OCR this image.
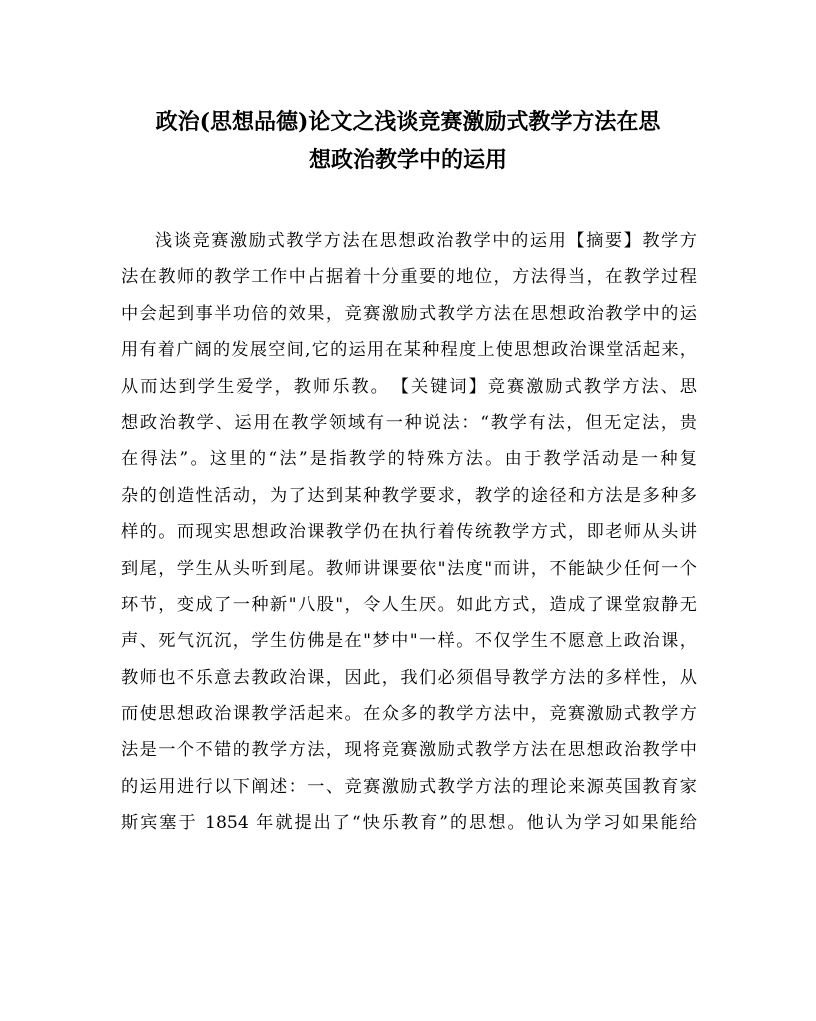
政治(思想品德)论文之浅谈竞赛激励式教学方法在思
想政治教学中的运用
浅谈竞赛激励式教学方法在思想政治教学中的运用【摘要】教学方
法在教师的教学工作中占据着十分重要的地位，方法得当，在教学过程
中会起到事半功倍的效果，竞赛激励式教学方法在思想政治教学中的运
用有着广阔的发展空间,它的运用在某种程度上使思想政治课堂活起来，
从而达到学生爱学，教师乐教。　【关键词】竞赛激励式教学方法、思
想政治教学、运用在教学领域有一种说法：“教学有法，但无定法，贵
在得法”。这里的“法”是指教学的特殊方法。由于教学活动是一种复
杂的创造性活动，为了达到某种教学要求，教学的途径和方法是多种多
样的。而现实思想政治课教学仍在执行着传统教学方式，即老师从头讲
到尾，学生从头听到尾。教师讲课要依"法度"而讲，不能缺少任何一个
环节，变成了一种新"八股"，令人生厌。如此方式，造成了课堂寂静无
声、死气沉沉，学生仿佛是在"梦中"一样。不仅学生不愿意上政治课，
教师也不乐意去教政治课，因此，我们必须倡导教学方法的多样性，从
而使思想政治课教学活起来。在众多的教学方法中，竞赛激励式教学方
法是一个不错的教学方法，现将竞赛激励式教学方法在思想政治教学中
的运用进行以下阐述：一、竞赛激励式教学方法的理论来源英国教育家
斯宾塞于 1854 年就提出了“快乐教育”的思想。他认为学习如果能给
